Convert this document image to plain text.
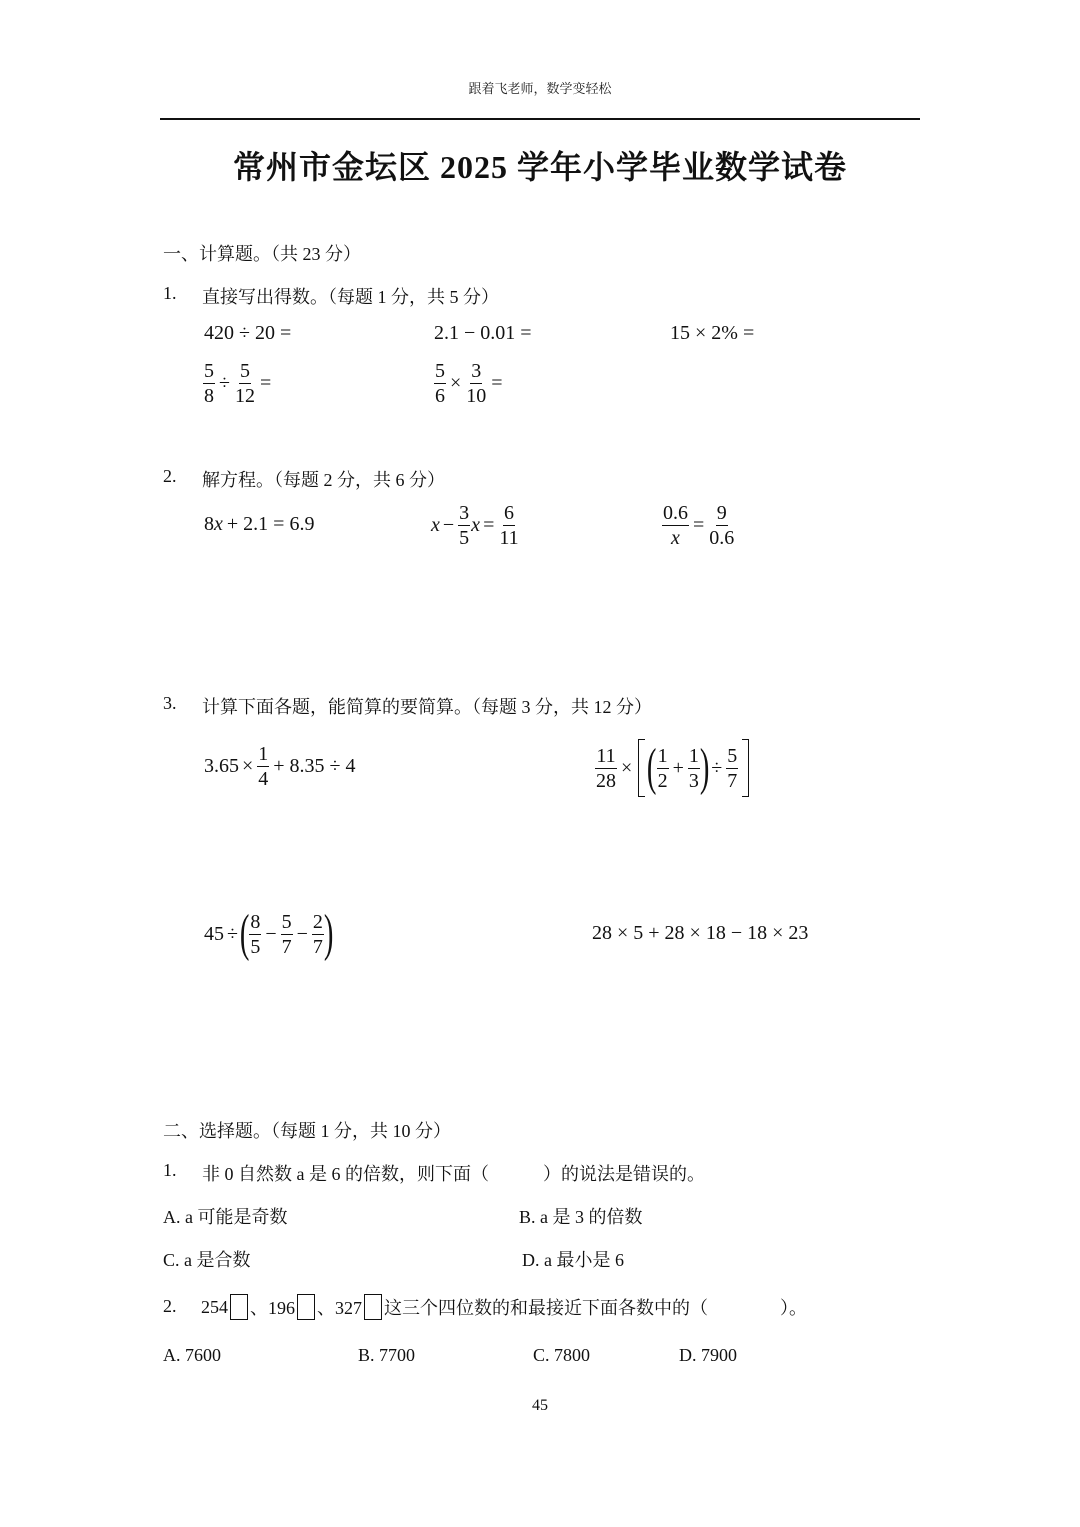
跟着飞老师，数学变轻松
常州市金坛区 2025 学年小学毕业数学试卷
一、计算题。（共 23 分）
1. 直接写出得数。（每题 1 分，共 5 分）
420 ÷ 20 =	2.1 − 0.01 =	15 × 2% =
$\frac{5}{8} \div \frac{5}{12}$ =	$\frac{5}{6} \times \frac{3}{10}$ =
2. 解方程。（每题 2 分，共 6 分）
8 x + 2.1 = 6.9	$x - \frac{3}{5}$ $x = \frac{6}{11}$	$\frac{0.6}{x} = \frac{9}{0.6}$
3. 计算下面各题，能简算的要简算。（每题 3 分，共 12 分）
$3.65 \times \frac{1}{4} + 8.35 \div 4$	$\frac{11}{28}$ × ( $\frac{1}{2} + \frac{1}{3}$ ) ÷ $\frac{5}{7}$
45 ÷ ( $\frac{8}{5} - \frac{5}{7} - \frac{2}{7}$ )	28 × 5 + 28 × 18 − 18 × 23
二、选择题。（每题 1 分，共 10 分）
1. 非 0 自然数 a 是 6 的倍数，则下面（　　　）的说法是错误的。
A. a 可能是奇数	B. a 是 3 的倍数
C. a 是合数	D. a 最小是 6
2. 254 、196 、327 这三个四位数的和最接近下面各数中的（　　　　）。
A. 7600	B. 7700	C. 7800	D. 7900
45
